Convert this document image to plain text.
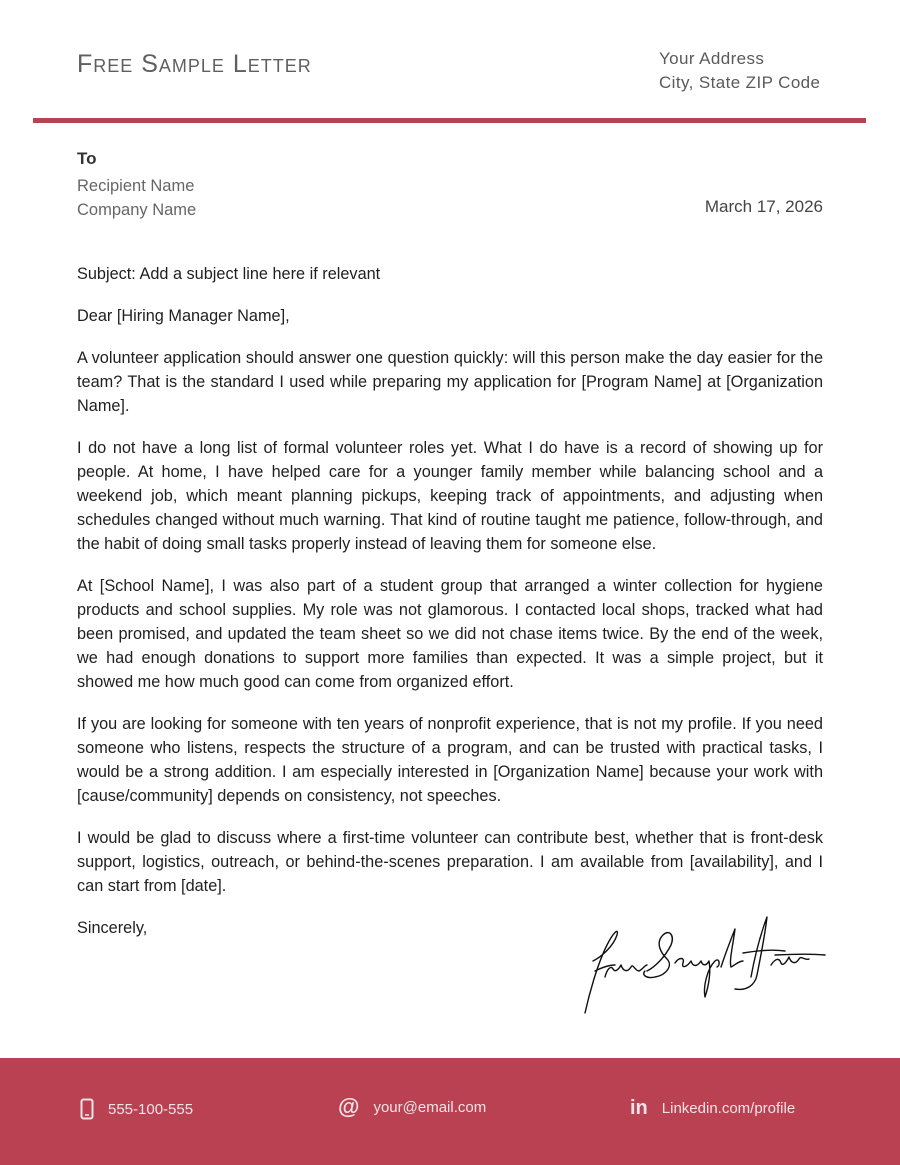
Free Sample Letter	Your Address
City, State ZIP Code
To
Recipient Name
Company Name	March 17, 2026

Subject: Add a subject line here if relevant

Dear [Hiring Manager Name],

A volunteer application should answer one question quickly: will this person make the day easier for the team? That is the standard I used while preparing my application for [Program Name] at [Organization Name].

I do not have a long list of formal volunteer roles yet. What I do have is a record of showing up for people. At home, I have helped care for a younger family member while balancing school and a weekend job, which meant planning pickups, keeping track of appointments, and adjusting when schedules changed without much warning. That kind of routine taught me patience, follow-through, and the habit of doing small tasks properly instead of leaving them for someone else.

At [School Name], I was also part of a student group that arranged a winter collection for hygiene products and school supplies. My role was not glamorous. I contacted local shops, tracked what had been promised, and updated the team sheet so we did not chase items twice. By the end of the week, we had enough donations to support more families than expected. It was a simple project, but it showed me how much good can come from organized effort.

If you are looking for someone with ten years of nonprofit experience, that is not my profile. If you need someone who listens, respects the structure of a program, and can be trusted with practical tasks, I would be a strong addition. I am especially interested in [Organization Name] because your work with [cause/community] depends on consistency, not speeches.

I would be glad to discuss where a first-time volunteer can contribute best, whether that is front-desk support, logistics, outreach, or behind-the-scenes preparation. I am available from [availability], and I can start from [date].

Sincerely,

555-100-555	@ your@email.com	in Linkedin.com/profile
